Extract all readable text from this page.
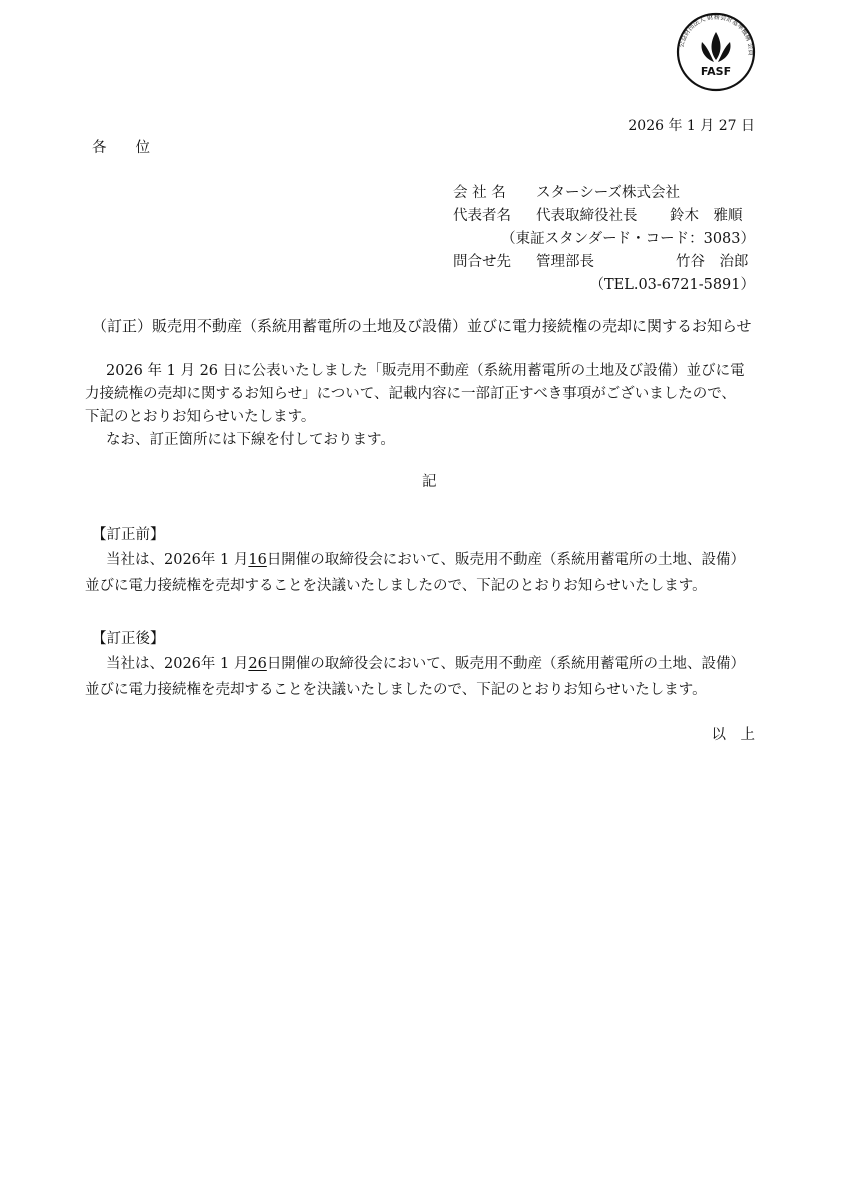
公益財団法人 財務会計基準機構 会員
FASF
2026 年 1 月 27 日
各　　位
会 社 名 スターシーズ株式会社
代表者名 代表取締役社長 鈴木　雅順
（東証スタンダード・コード：3083）
問合せ先 管理部長	竹谷　治郎
（TEL.03-6721-5891）
（訂正）販売用不動産（系統用蓄電所の土地及び設備）並びに電力接続権の売却に関するお知らせ
2026 年 1 月 26 日に公表いたしました「販売用不動産（系統用蓄電所の土地及び設備）並びに電
力接続権の売却に関するお知らせ」について、記載内容に一部訂正すべき事項がございましたので、
下記のとおりお知らせいたします。
なお、訂正箇所には下線を付しております。
記
【訂正前】
当社は、2026年 1 月16日開催の取締役会において、販売用不動産（系統用蓄電所の土地、設備）
並びに電力接続権を売却することを決議いたしましたので、下記のとおりお知らせいたします。
【訂正後】
当社は、2026年 1 月26日開催の取締役会において、販売用不動産（系統用蓄電所の土地、設備）
並びに電力接続権を売却することを決議いたしましたので、下記のとおりお知らせいたします。
以　上
